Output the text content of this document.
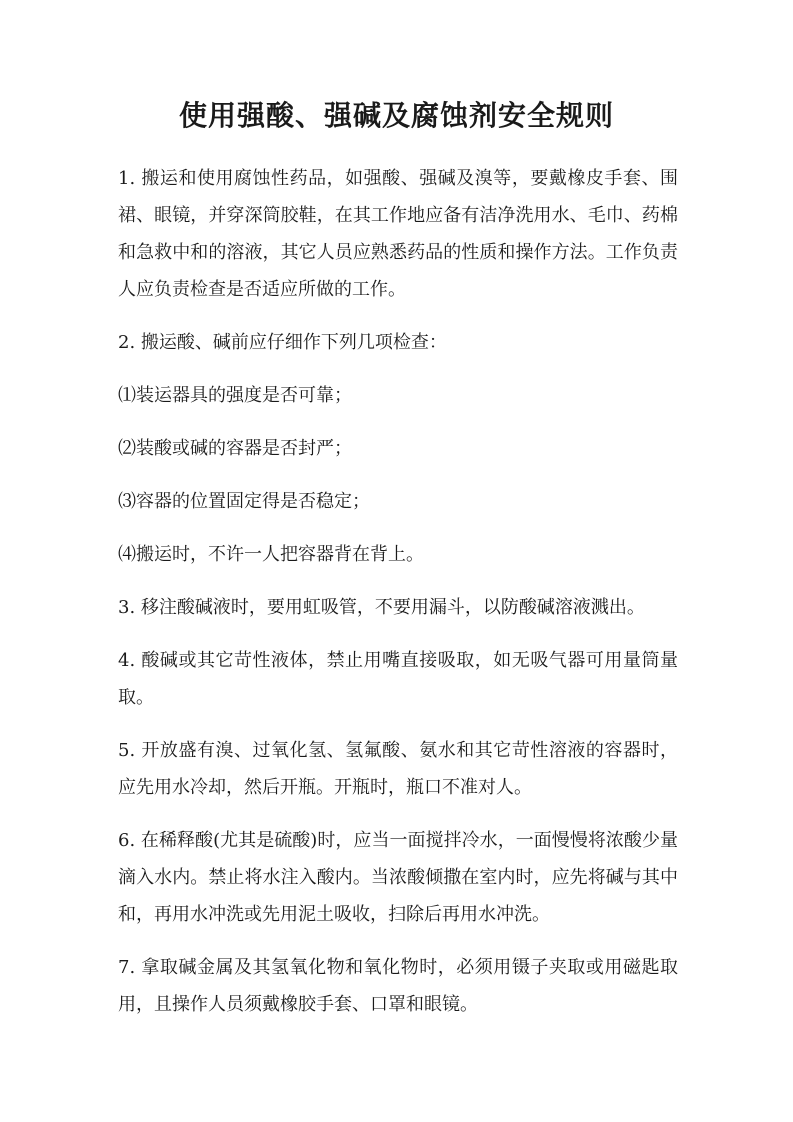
使用强酸、强碱及腐蚀剂安全规则

1. 搬运和使用腐蚀性药品，如强酸、强碱及溴等，要戴橡皮手套、围裙、眼镜，并穿深筒胶鞋，在其工作地应备有洁净洗用水、毛巾、药棉和急救中和的溶液，其它人员应熟悉药品的性质和操作方法。工作负责人应负责检查是否适应所做的工作。

2. 搬运酸、碱前应仔细作下列几项检查：

⑴装运器具的强度是否可靠；

⑵装酸或碱的容器是否封严；

⑶容器的位置固定得是否稳定；

⑷搬运时，不许一人把容器背在背上。

3. 移注酸碱液时，要用虹吸管，不要用漏斗，以防酸碱溶液溅出。

4. 酸碱或其它苛性液体，禁止用嘴直接吸取，如无吸气器可用量筒量取。

5. 开放盛有溴、过氧化氢、氢氟酸、氨水和其它苛性溶液的容器时，应先用水冷却，然后开瓶。开瓶时，瓶口不准对人。

6. 在稀释酸(尤其是硫酸)时，应当一面搅拌冷水，一面慢慢将浓酸少量滴入水内。禁止将水注入酸内。当浓酸倾撒在室内时，应先将碱与其中和，再用水冲洗或先用泥土吸收，扫除后再用水冲洗。

7. 拿取碱金属及其氢氧化物和氧化物时，必须用镊子夹取或用磁匙取用，且操作人员须戴橡胶手套、口罩和眼镜。
